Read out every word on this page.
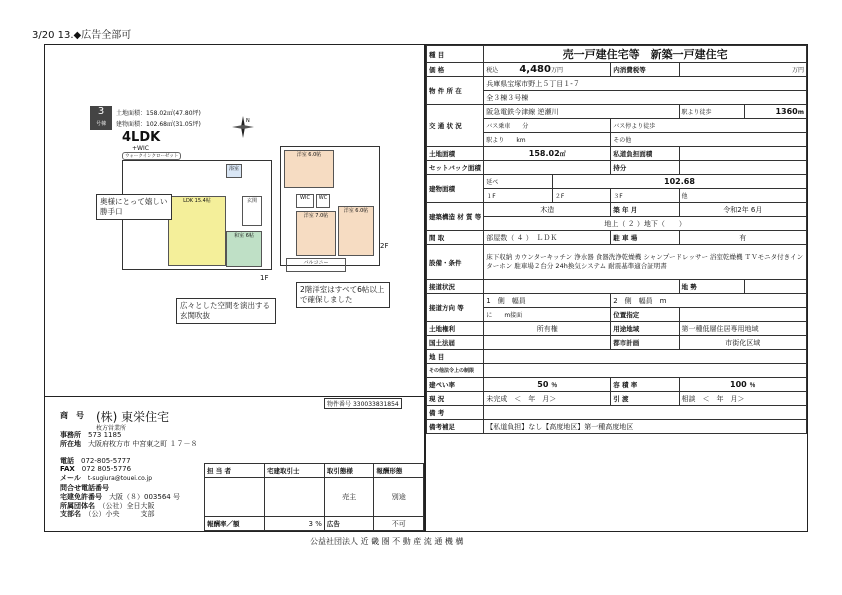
3/20 13.◆広告全部可
3
号棟
土地面積：158.02㎡(47.80坪)
建物面積：102.68㎡(31.05坪)
4LDK
+WIC
ウォークインクローゼット
N
LDK 15.4帖
和室 6帖
浴室
玄関
1F
洋室 6.0帖
洋室 7.0帖
洋室 6.0帖
WIC	WC
バルコニー
2F
奥様にとって嬉しい勝手口
広々とした空間を演出する玄関吹抜
2階洋室はすべて6帖以上で確保しました
物件番号 330033831854
商　号 (株) 東栄住宅
枚方営業所
事務所　 573 1185
所在地　 大阪府枚方市 中宮東之町 １７－８
電話　 072-805-5777
FAX　 072 805-5776
メール　 t-sugiura@touei.co.jp
問合せ電話番号
宅建免許番号　 大阪（８）003564 号
所属団体名　 （公社）全日大阪
支部名　 （公）小央　　　支部
担 当 者	宅建取引士	取引態様	報酬形態
		売主	別途
報酬率／額	3 %	広告	不可
種 目	売一戸建住宅等　新築一戸建住宅				
価 格	税込　　　 4,480万円		内消費税等	万円	
物 件 所 在	兵庫県宝塚市野上５丁目１-７				
	全３棟３号棟				
交 通 状 況	阪急電鉄今津線 逆瀬川			駅より徒歩	1360m
	バス乗車　　 分		バス停より徒歩		
	駅より　　 km		その他		
土地面積	158.02㎡		私道負担面積		
セットバック面積			持分		
建物面積	延べ	102.68			
	１F	２F	３F	他	
建築構造 材 質 等	木造		築 年 月	令和2年 6月	
	地上（ ２ ）地下（　　）				
間 取	部屋数（ ４ ）　ＬＤＫ		駐 車 場	有	
設備・条件	床下収納 カウンターキッチン 浄水器 食器洗浄乾燥機 シャンプードレッサー 浴室乾燥機 ＴＶモニタ付きインターホン 駐車場２台分 24h換気システム 耐震基準適合証明書				
接道状況				地 勢	
接道方向 等	1　 側　 幅員		2　 側　 幅員　 m		
	に　　 m接面		位置指定		
土地権利	所有権		用途地域	第一種低層住居専用地域	
国土法届			都市計画	市街化区域	
地 目					
その他法令上の制限					
建ぺい率	50 ％		容 積 率	100 ％	
現 況	未完成　＜　年　月＞		引 渡	相談　＜　年　月＞	
備 考					
備考補足	【私道負担】なし【高度地区】第一種高度地区				
公益社団法人 近 畿 圏 不 動 産 流 通 機 構
